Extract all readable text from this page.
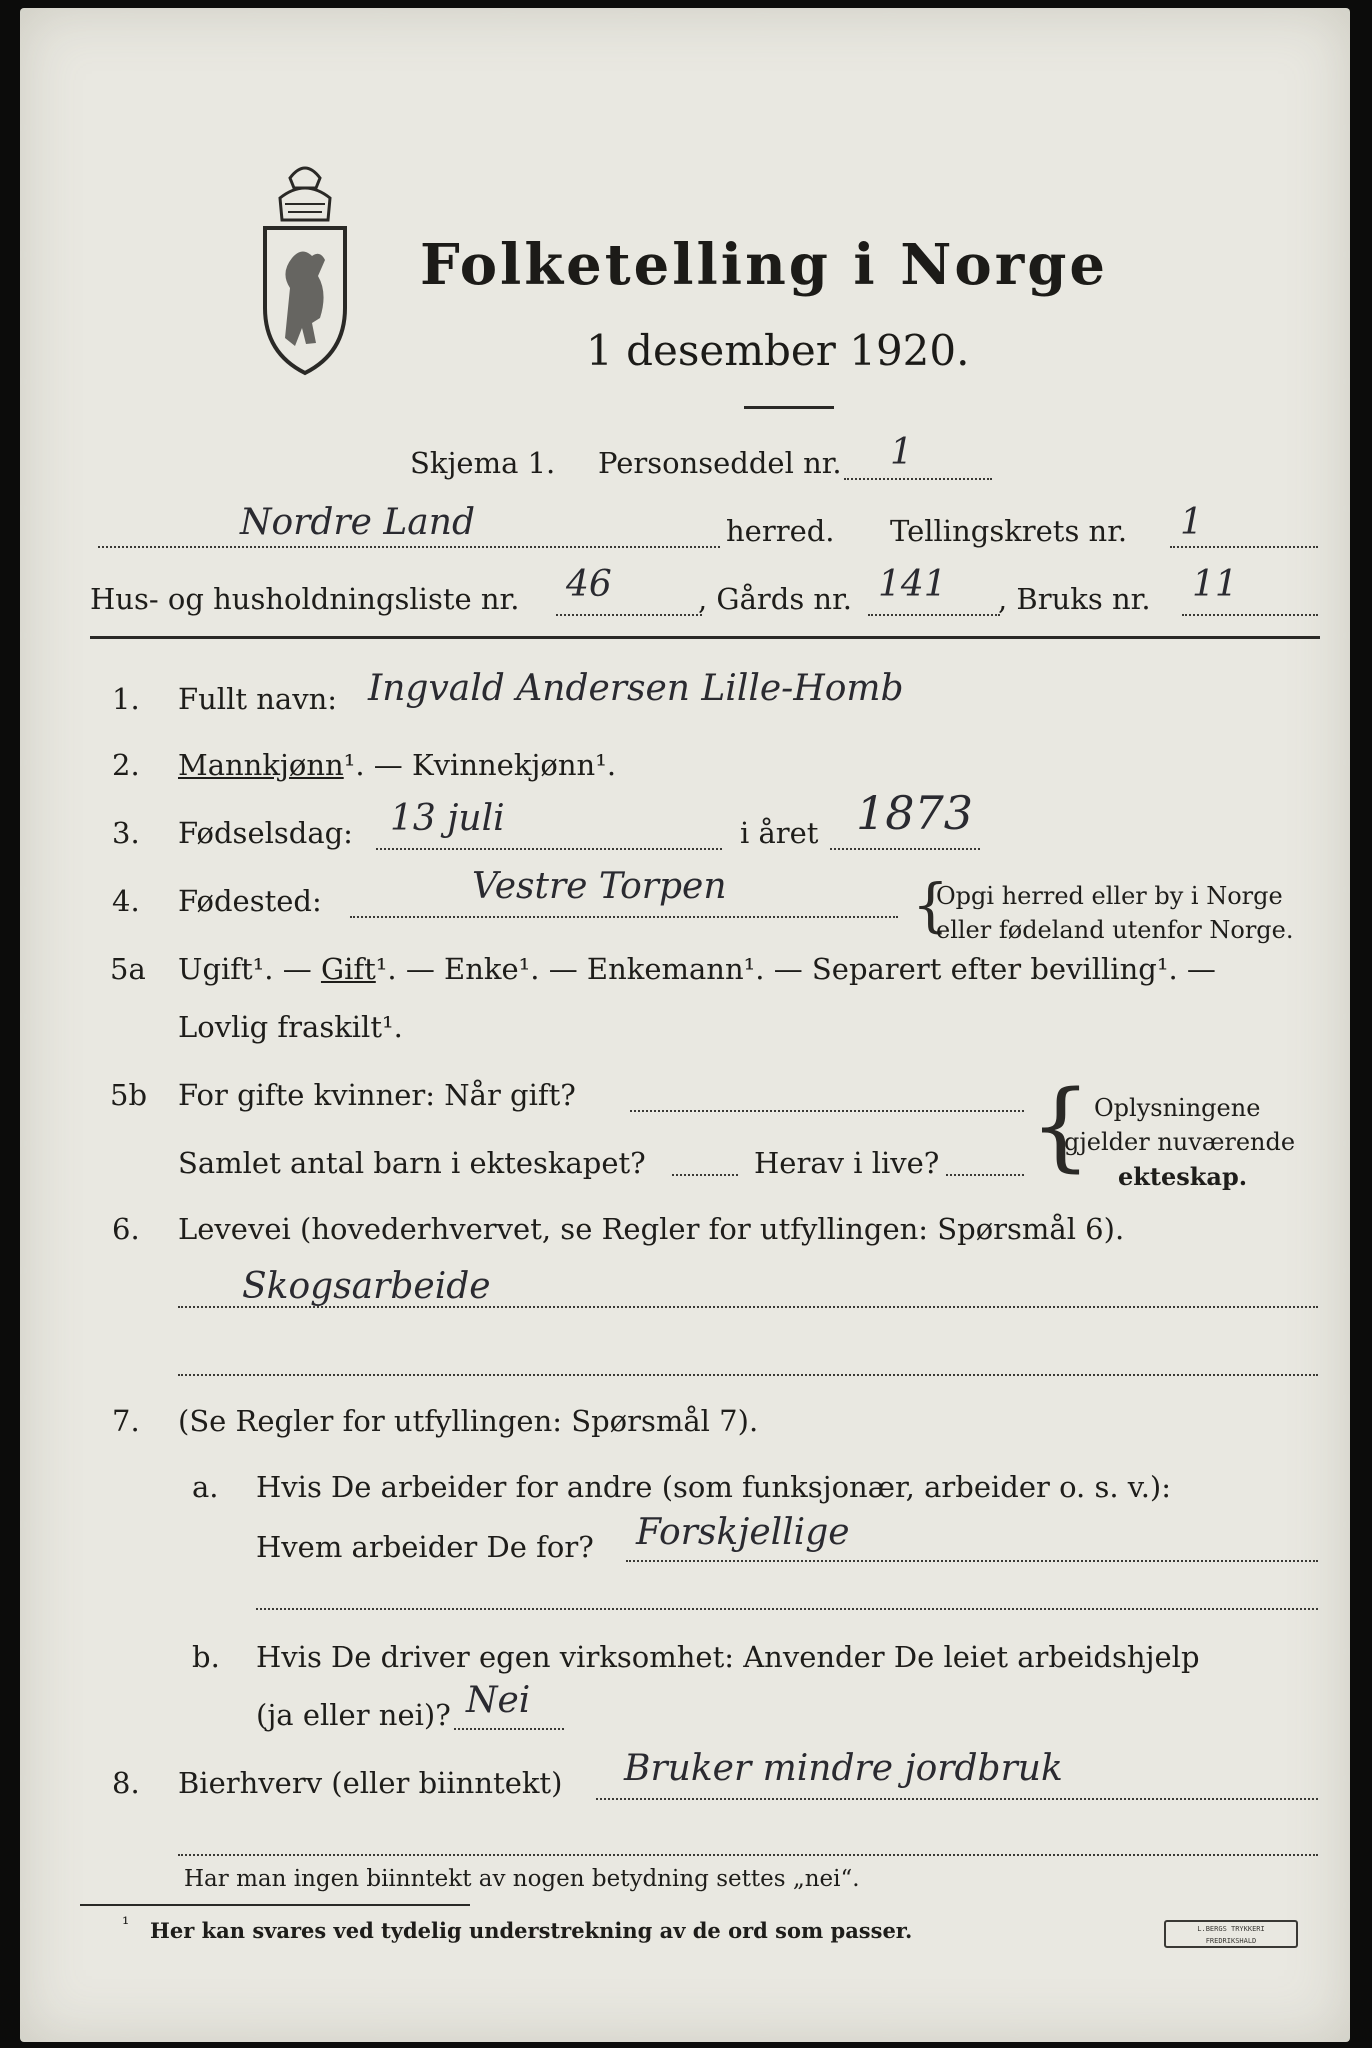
Folketelling i Norge
1 desember 1920.
Skjema 1. Personseddel nr. 1
Nordre Land	herred. Tellingskrets nr. 1
Hus- og husholdningsliste nr. 46	, Gårds nr. 141 , Bruks nr. 11
1. Fullt navn: Ingvald Andersen Lille-Homb
2. Mannkjønn¹. — Kvinnekjønn¹.
3. Fødselsdag: 13 juli	i året 1873
4. Fødested:	Vestre Torpen	{
Opgi herred eller by i Norge
eller fødeland utenfor Norge.
5a Ugift¹. — Gift¹. — Enke¹. — Enkemann¹. — Separert efter bevilling¹. —
Lovlig fraskilt¹.
5b For gifte kvinner: Når gift?
Samlet antal barn i ekteskapet?	Herav i live? { Oplysningene
gjelder nuværende
ekteskap.
6. Levevei (hovederhvervet, se Regler for utfyllingen: Spørsmål 6).
Skogsarbeide
7. (Se Regler for utfyllingen: Spørsmål 7).
a. Hvis De arbeider for andre (som funksjonær, arbeider o. s. v.):
Hvem arbeider De for? Forskjellige
b. Hvis De driver egen virksomhet: Anvender De leiet arbeidshjelp
(ja eller nei)? Nei
8. Bierhverv (eller biinntekt) Bruker mindre jordbruk
Har man ingen biinntekt av nogen betydning settes „nei“.
¹ Her kan svares ved tydelig understrekning av de ord som passer.	L.BERGS TRYKKERI FREDRIKSHALD
